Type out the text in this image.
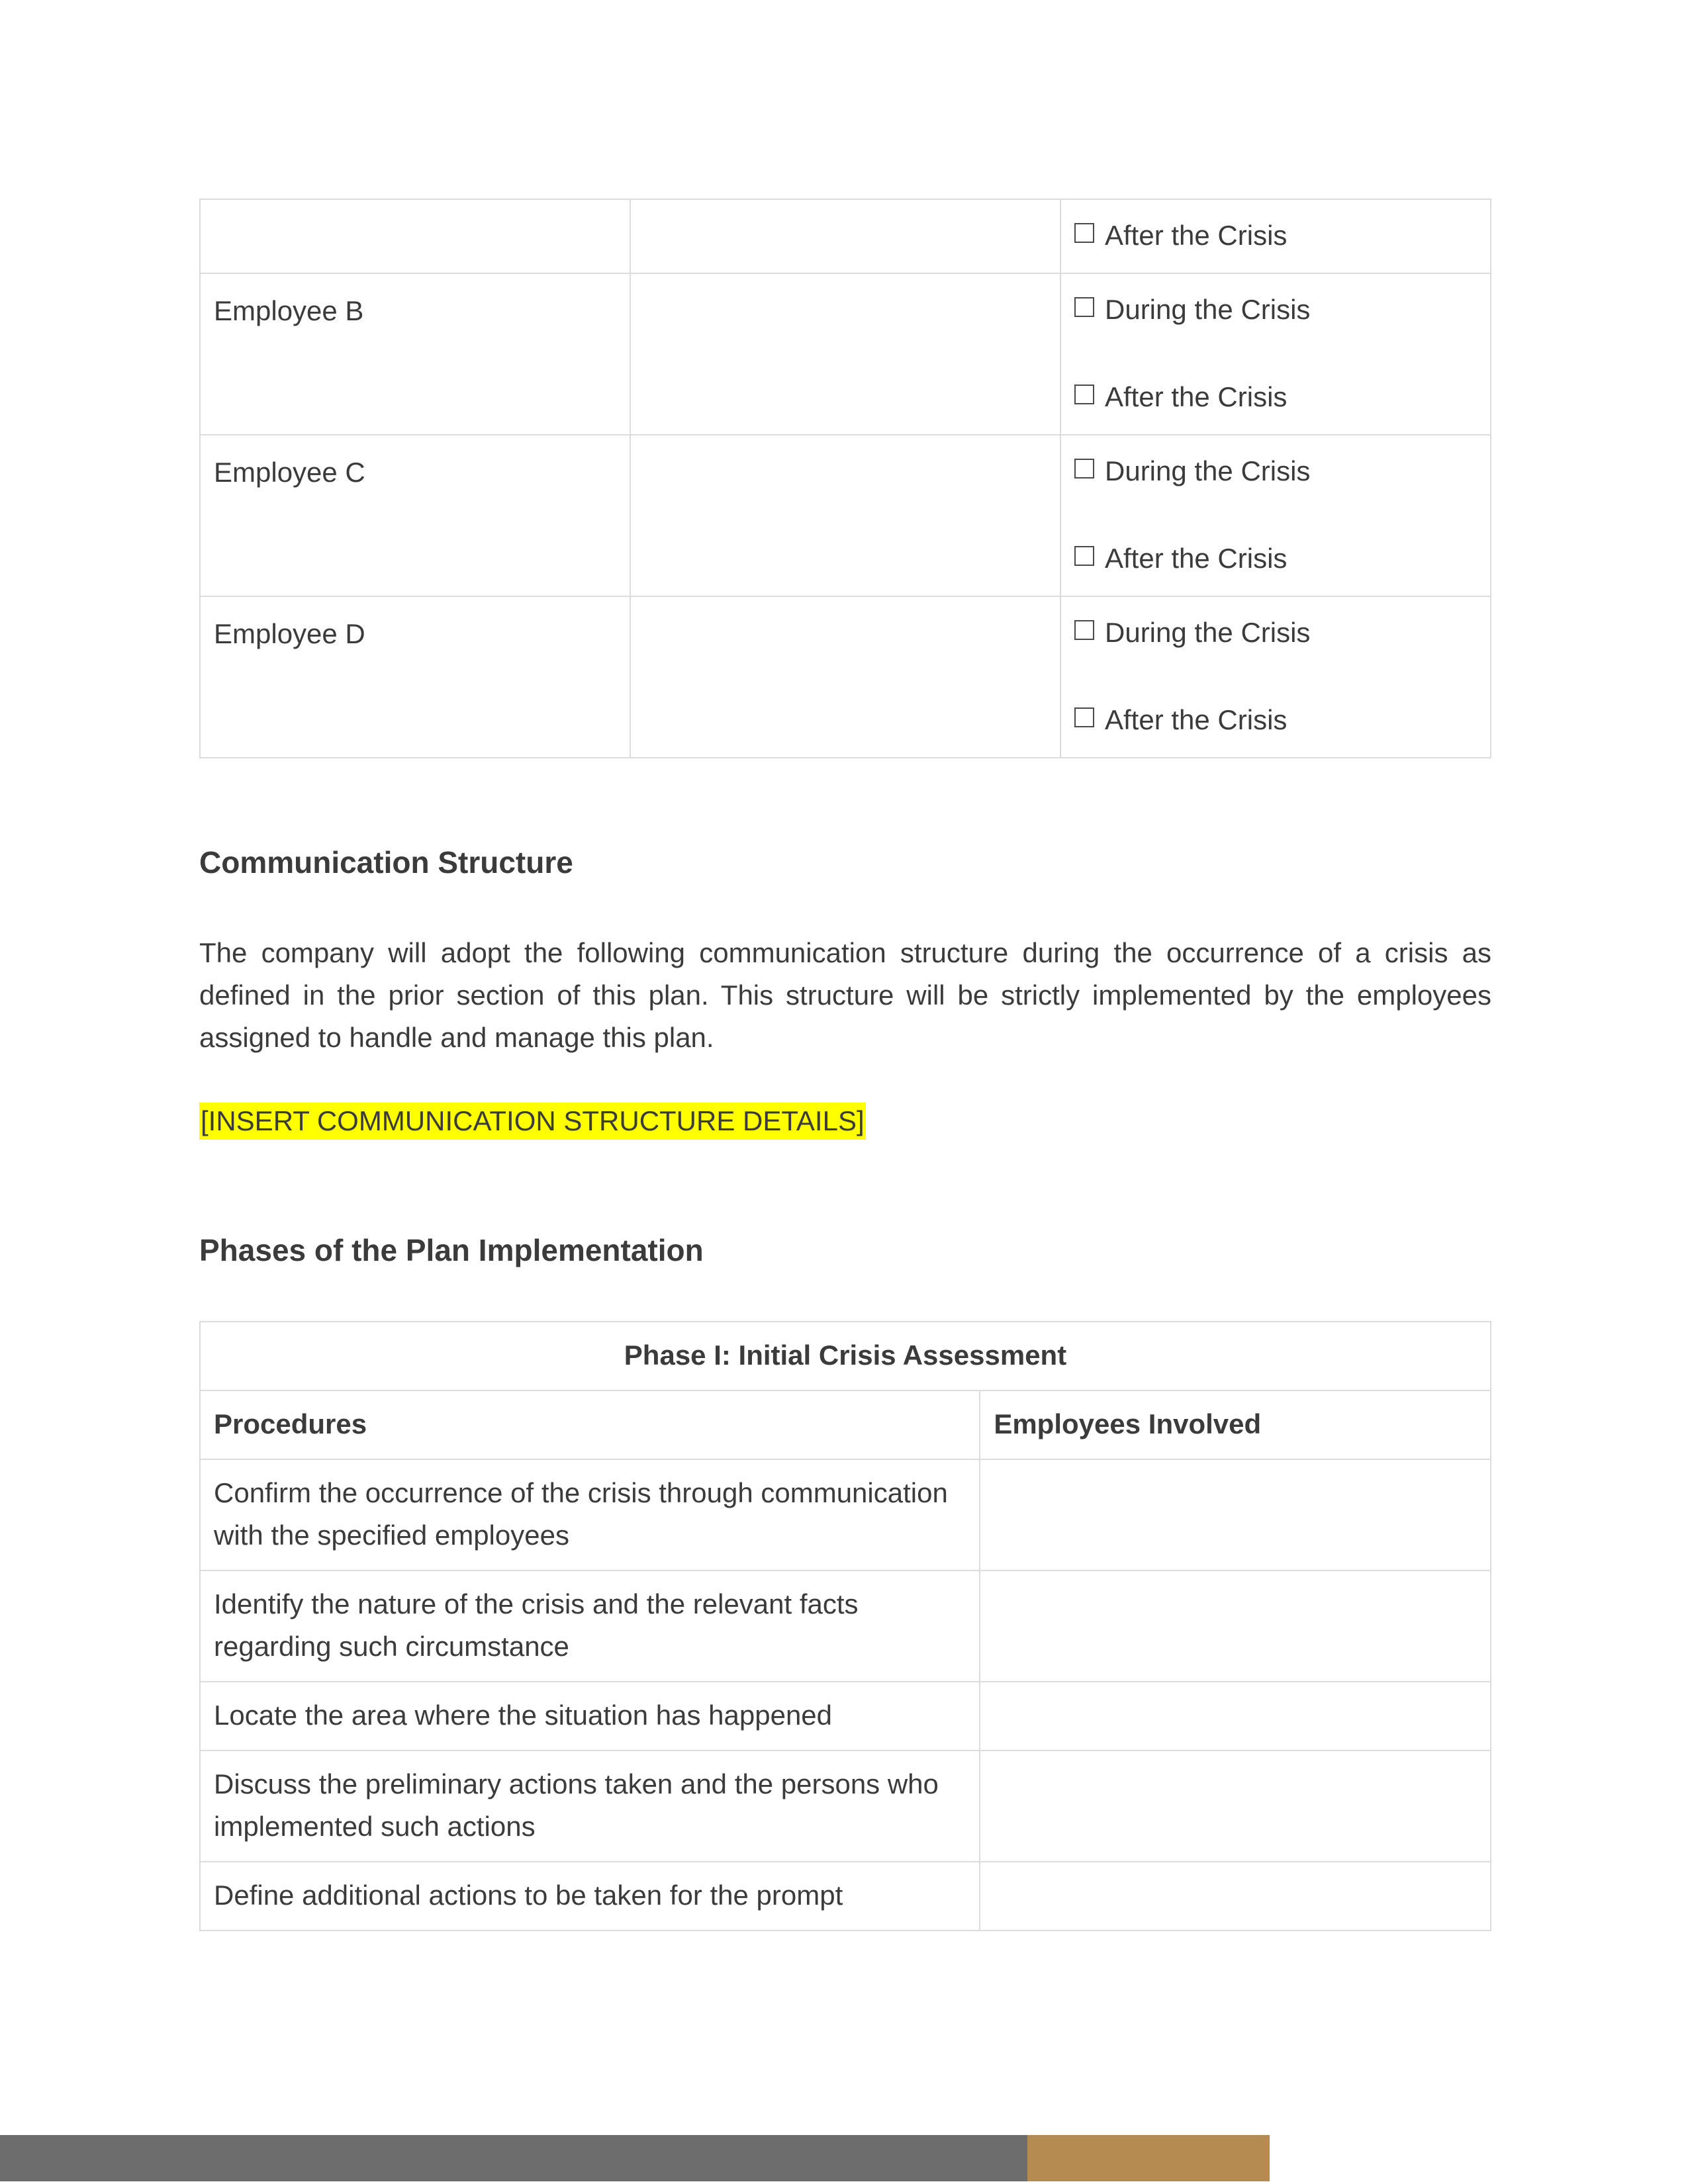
		After the Crisis

Employee B		During the Crisis
After the Crisis

Employee C		During the Crisis
After the Crisis

Employee D		During the Crisis
After the Crisis
Communication Structure

The company will adopt the following communication structure during the occurrence of a crisis as defined in the prior section of this plan. This structure will be strictly implemented by the employees assigned to handle and manage this plan.

[INSERT COMMUNICATION STRUCTURE DETAILS]
Phases of the Plan Implementation
Phase I: Initial Crisis Assessment	
Procedures	Employees Involved
Confirm the occurrence of the crisis through communication with the specified employees	
Identify the nature of the crisis and the relevant facts regarding such circumstance	
Locate the area where the situation has happened	
Discuss the preliminary actions taken and the persons who implemented such actions	
Define additional actions to be taken for the prompt	
